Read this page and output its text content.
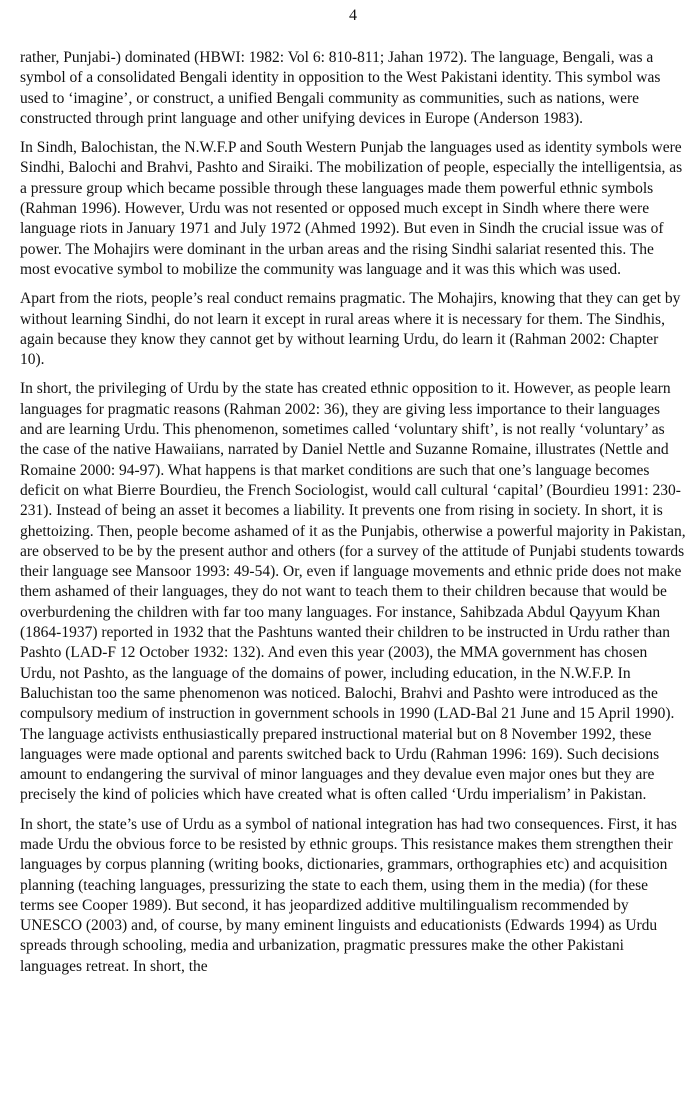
4

rather, Punjabi-) dominated (HBWI: 1982: Vol 6: 810-811; Jahan 1972). The language, Bengali, was a symbol of a consolidated Bengali identity in opposition to the West Pakistani identity. This symbol was used to ‘imagine’, or construct, a unified Bengali community as communities, such as nations, were constructed through print language and other unifying devices in Europe (Anderson 1983).

In Sindh, Balochistan, the N.W.F.P and South Western Punjab the languages used as identity symbols were Sindhi, Balochi and Brahvi, Pashto and Siraiki. The mobilization of people, especially the intelligentsia, as a pressure group which became possible through these languages made them powerful ethnic symbols (Rahman 1996). However, Urdu was not resented or opposed much except in Sindh where there were language riots in January 1971 and July 1972 (Ahmed 1992). But even in Sindh the crucial issue was of power. The Mohajirs were dominant in the urban areas and the rising Sindhi salariat resented this. The most evocative symbol to mobilize the community was language and it was this which was used.

Apart from the riots, people’s real conduct remains pragmatic. The Mohajirs, knowing that they can get by without learning Sindhi, do not learn it except in rural areas where it is necessary for them. The Sindhis, again because they know they cannot get by without learning Urdu, do learn it (Rahman 2002: Chapter 10).

In short, the privileging of Urdu by the state has created ethnic opposition to it. However, as people learn languages for pragmatic reasons (Rahman 2002: 36), they are giving less importance to their languages and are learning Urdu. This phenomenon, sometimes called ‘voluntary shift’, is not really ‘voluntary’ as the case of the native Hawaiians, narrated by Daniel Nettle and Suzanne Romaine, illustrates (Nettle and Romaine 2000: 94-97). What happens is that market conditions are such that one’s language becomes deficit on what Bierre Bourdieu, the French Sociologist, would call cultural ‘capital’ (Bourdieu 1991: 230-231). Instead of being an asset it becomes a liability. It prevents one from rising in society. In short, it is ghettoizing. Then, people become ashamed of it as the Punjabis, otherwise a powerful majority in Pakistan, are observed to be by the present author and others (for a survey of the attitude of Punjabi students towards their language see Mansoor 1993: 49-54). Or, even if language movements and ethnic pride does not make them ashamed of their languages, they do not want to teach them to their children because that would be overburdening the children with far too many languages. For instance, Sahibzada Abdul Qayyum Khan (1864-1937) reported in 1932 that the Pashtuns wanted their children to be instructed in Urdu rather than Pashto (LAD-F 12 October 1932: 132). And even this year (2003), the MMA government has chosen Urdu, not Pashto, as the language of the domains of power, including education, in the N.W.F.P. In Baluchistan too the same phenomenon was noticed. Balochi, Brahvi and Pashto were introduced as the compulsory medium of instruction in government schools in 1990 (LAD-Bal 21 June and 15 April 1990). The language activists enthusiastically prepared instructional material but on 8 November 1992, these languages were made optional and parents switched back to Urdu (Rahman 1996: 169). Such decisions amount to endangering the survival of minor languages and they devalue even major ones but they are precisely the kind of policies which have created what is often called ‘Urdu imperialism’ in Pakistan.

In short, the state’s use of Urdu as a symbol of national integration has had two consequences. First, it has made Urdu the obvious force to be resisted by ethnic groups. This resistance makes them strengthen their languages by corpus planning (writing books, dictionaries, grammars, orthographies etc) and acquisition planning (teaching languages, pressurizing the state to each them, using them in the media) (for these terms see Cooper 1989). But second, it has jeopardized additive multilingualism recommended by UNESCO (2003) and, of course, by many eminent linguists and educationists (Edwards 1994) as Urdu spreads through schooling, media and urbanization, pragmatic pressures make the other Pakistani languages retreat. In short, the
